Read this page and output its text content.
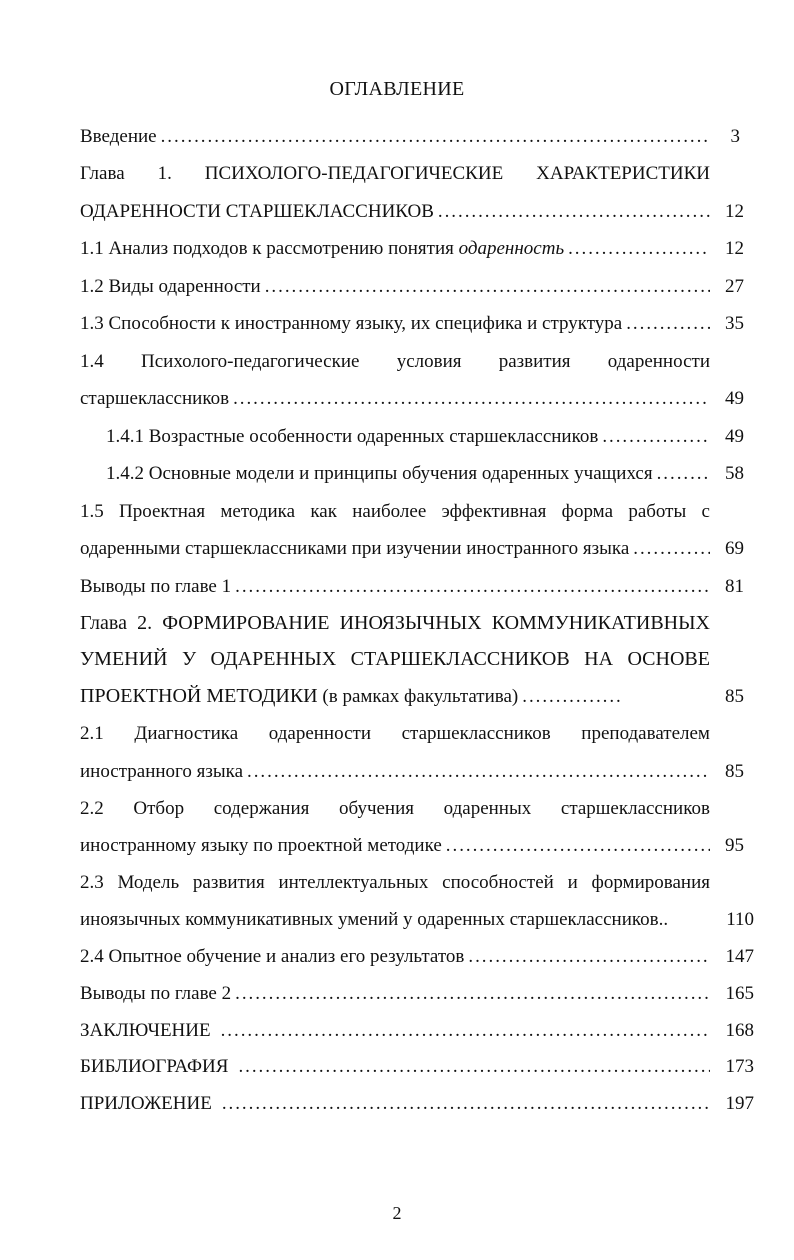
ОГЛАВЛЕНИЕ
Введение . . .	3
Глава 1. ПСИХОЛОГО-ПЕДАГОГИЧЕСКИЕ ХАРАКТЕРИСТИКИ
ОДАРЕННОСТИ СТАРШЕКЛАССНИКОВ . . .	12
1.1 Анализ подходов к рассмотрению понятия одаренность . . .	12
1.2 Виды одаренности . . .	27
1.3 Способности к иностранному языку, их специфика и структура . . .	35
1.4 Психолого-педагогические условия развития одаренности
старшеклассников . . .	49
1.4.1 Возрастные особенности одаренных старшеклассников . . .	49
1.4.2 Основные модели и принципы обучения одаренных учащихся . . .	58
1.5 Проектная методика как наиболее эффективная форма работы с
одаренными старшеклассниками при изучении иностранного языка . . .	69
Выводы по главе 1 . . .	81
Глава 2. ФОРМИРОВАНИЕ ИНОЯЗЫЧНЫХ КОММУНИКАТИВНЫХ
УМЕНИЙ У ОДАРЕННЫХ СТАРШЕКЛАССНИКОВ НА ОСНОВЕ
ПРОЕКТНОЙ МЕТОДИКИ (в рамках факультатива) . . .	85
2.1 Диагностика одаренности старшеклассников преподавателем
иностранного языка . . .	85
2.2 Отбор содержания обучения одаренных старшеклассников
иностранному языку по проектной методике . . .	95
2.3 Модель развития интеллектуальных способностей и формирования
иноязычных коммуникативных умений у одаренных старшеклассников..	110
2.4 Опытное обучение и анализ его результатов . . .	147
Выводы по главе 2 . . .	165
ЗАКЛЮЧЕНИЕ . . .	168
БИБЛИОГРАФИЯ . . .	173
ПРИЛОЖЕНИЕ . . .	197
2
